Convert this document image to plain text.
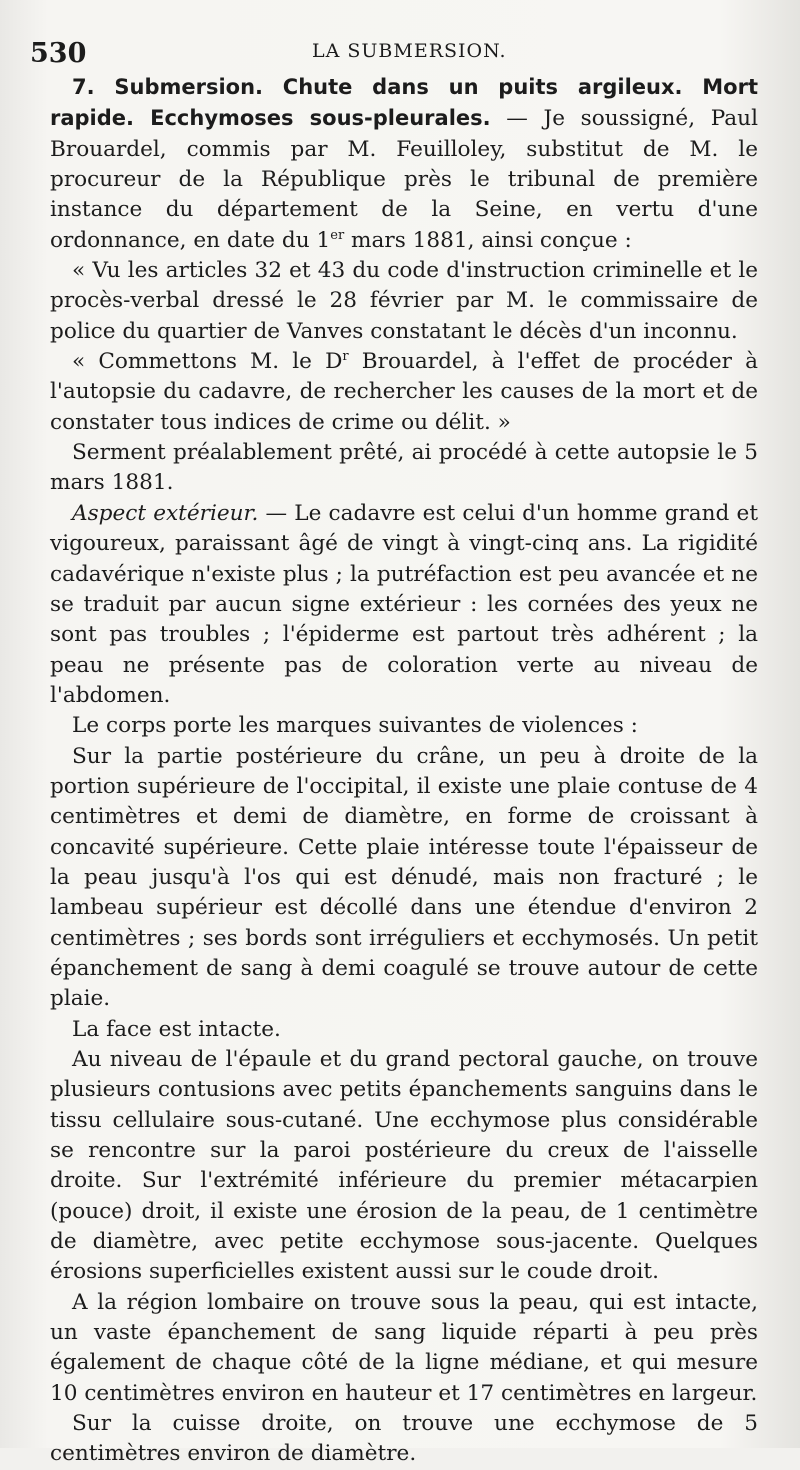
530	LA SUBMERSION.

7. Submersion. Chute dans un puits argileux. Mort rapide. Ecchymoses sous-pleurales. — Je soussigné, Paul Brouardel, commis par M. Feuilloley, substitut de M. le procureur de la République près le tribunal de première instance du département de la Seine, en vertu d'une ordonnance, en date du 1er mars 1881, ainsi conçue :

« Vu les articles 32 et 43 du code d'instruction criminelle et le procès-verbal dressé le 28 février par M. le commissaire de police du quartier de Vanves constatant le décès d'un inconnu.

« Commettons M. le $D^r$ Brouardel, à l'effet de procéder à l'autopsie du cadavre, de rechercher les causes de la mort et de constater tous indices de crime ou délit. »

Serment préalablement prêté, ai procédé à cette autopsie le 5 mars 1881.

Aspect extérieur. — Le cadavre est celui d'un homme grand et vigoureux, paraissant âgé de vingt à vingt-cinq ans. La rigidité cadavérique n'existe plus ; la putréfaction est peu avancée et ne se traduit par aucun signe extérieur : les cornées des yeux ne sont pas troubles ; l'épiderme est partout très adhérent ; la peau ne présente pas de coloration verte au niveau de l'abdomen.

Le corps porte les marques suivantes de violences :

Sur la partie postérieure du crâne, un peu à droite de la portion supérieure de l'occipital, il existe une plaie contuse de 4 centimètres et demi de diamètre, en forme de croissant à concavité supérieure. Cette plaie intéresse toute l'épaisseur de la peau jusqu'à l'os qui est dénudé, mais non fracturé ; le lambeau supérieur est décollé dans une étendue d'environ 2 centimètres ; ses bords sont irréguliers et ecchymosés. Un petit épanchement de sang à demi coagulé se trouve autour de cette plaie.

La face est intacte.

Au niveau de l'épaule et du grand pectoral gauche, on trouve plusieurs contusions avec petits épanchements sanguins dans le tissu cellulaire sous-cutané. Une ecchymose plus considérable se rencontre sur la paroi postérieure du creux de l'aisselle droite. Sur l'extrémité inférieure du premier métacarpien (pouce) droit, il existe une érosion de la peau, de 1 centimètre de diamètre, avec petite ecchymose sous-jacente. Quelques érosions superficielles existent aussi sur le coude droit.

A la région lombaire on trouve sous la peau, qui est intacte, un vaste épanchement de sang liquide réparti à peu près également de chaque côté de la ligne médiane, et qui mesure 10 centimètres environ en hauteur et 17 centimètres en largeur.

Sur la cuisse droite, on trouve une ecchymose de 5 centimètres environ de diamètre.
